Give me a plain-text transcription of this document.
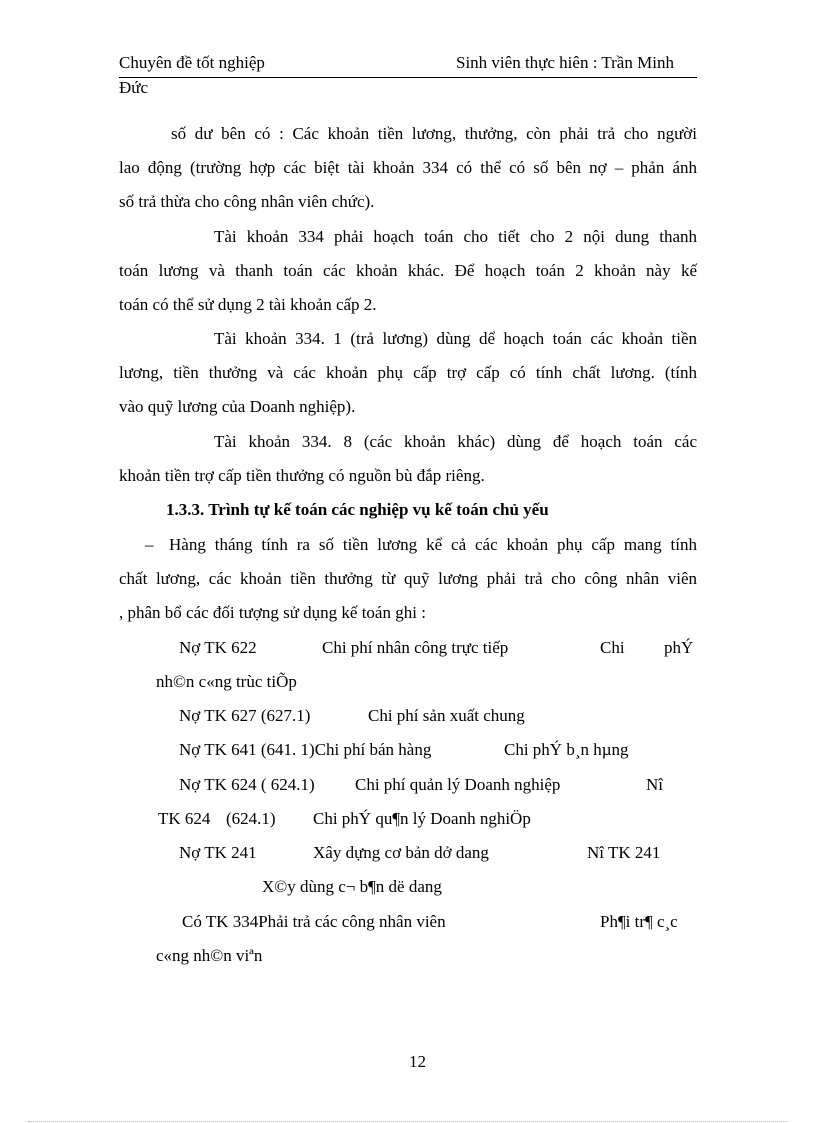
Chuyên đề tốt nghiệp	Sinh viên thực hiên : Trần Minh
Đức
số dư bên có : Các khoản tiền lương, thưởng, còn phải trả cho người
lao động (trường hợp các biệt tài khoản 334 có thể có số bên nợ – phản ánh
số trả thừa cho công nhân viên chức).
Tài khoản 334 phải hoạch toán cho tiết cho 2 nội dung thanh
toán lương và thanh toán các khoản khác. Để hoạch toán 2 khoản này kế
toán có thể sử dụng 2 tài khoản cấp 2.
Tài khoản 334. 1 (trả lương) dùng dể hoạch toán các khoản tiền
lương, tiền thưởng và các khoản phụ cấp trợ cấp có tính chất lương. (tính
vào quỹ lương của Doanh nghiệp).
Tài khoản 334. 8 (các khoản khác) dùng để hoạch toán các
khoản tiền trợ cấp tiền thưởng có nguồn bù đắp riêng.
1.3.3. Trình tự kế toán các nghiệp vụ kế toán chủ yếu
– Hàng tháng tính ra số tiền lương kể cả các khoản phụ cấp mang tính
chất lương, các khoản tiền thưởng từ quỹ lương phải trả cho công nhân viên
, phân bổ các đối tượng sử dụng kế toán ghi :
Nợ TK 622	Chi phí nhân công trực tiếp	Chi phÝ
nh©n c«ng trùc tiÕp
Nợ TK 627 (627.1)	Chi phí sản xuất chung
Nợ TK 641 (641. 1)Chi phí bán hàng	Chi phÝ b¸n hµng
Nợ TK 624 ( 624.1) Chi phí quản lý Doanh nghiệp	Nî
TK 624 (624.1) Chi phÝ qu¶n lý Doanh nghiÖp
Nợ TK 241	Xây dựng cơ bản dở dang	Nî TK 241
X©y dùng c¬ b¶n dë dang
Có TK 334Phải trả các công nhân viên	Ph¶i tr¶ c¸c
c«ng nh©n viªn
12
